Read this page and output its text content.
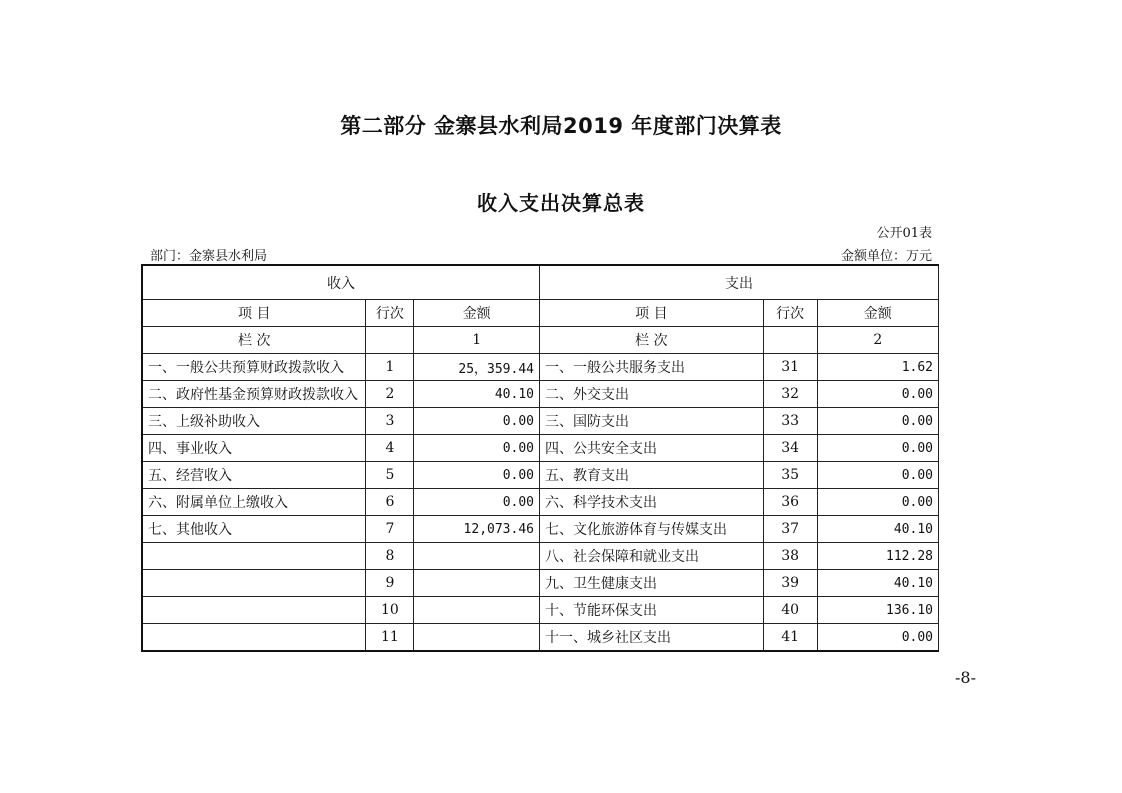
第二部分 金寨县水利局2019 年度部门决算表
收入支出决算总表
公开01表
部门：金寨县水利局	金额单位：万元
收入			支出		
项 目	行次	金额	项 目	行次	金额
栏 次		1	栏 次		2
一、一般公共预算财政拨款收入	1	25，359.44	一、一般公共服务支出	31	1.62
二、政府性基金预算财政拨款收入	2	40.10	二、外交支出	32	0.00
三、上级补助收入	3	0.00	三、国防支出	33	0.00
四、事业收入	4	0.00	四、公共安全支出	34	0.00
五、经营收入	5	0.00	五、教育支出	35	0.00
六、附属单位上缴收入	6	0.00	六、科学技术支出	36	0.00
七、其他收入	7	12,073.46	七、文化旅游体育与传媒支出	37	40.10
	8		八、社会保障和就业支出	38	112.28
	9		九、卫生健康支出	39	40.10
	10		十、节能环保支出	40	136.10
	11		十一、城乡社区支出	41	0.00
-8-
